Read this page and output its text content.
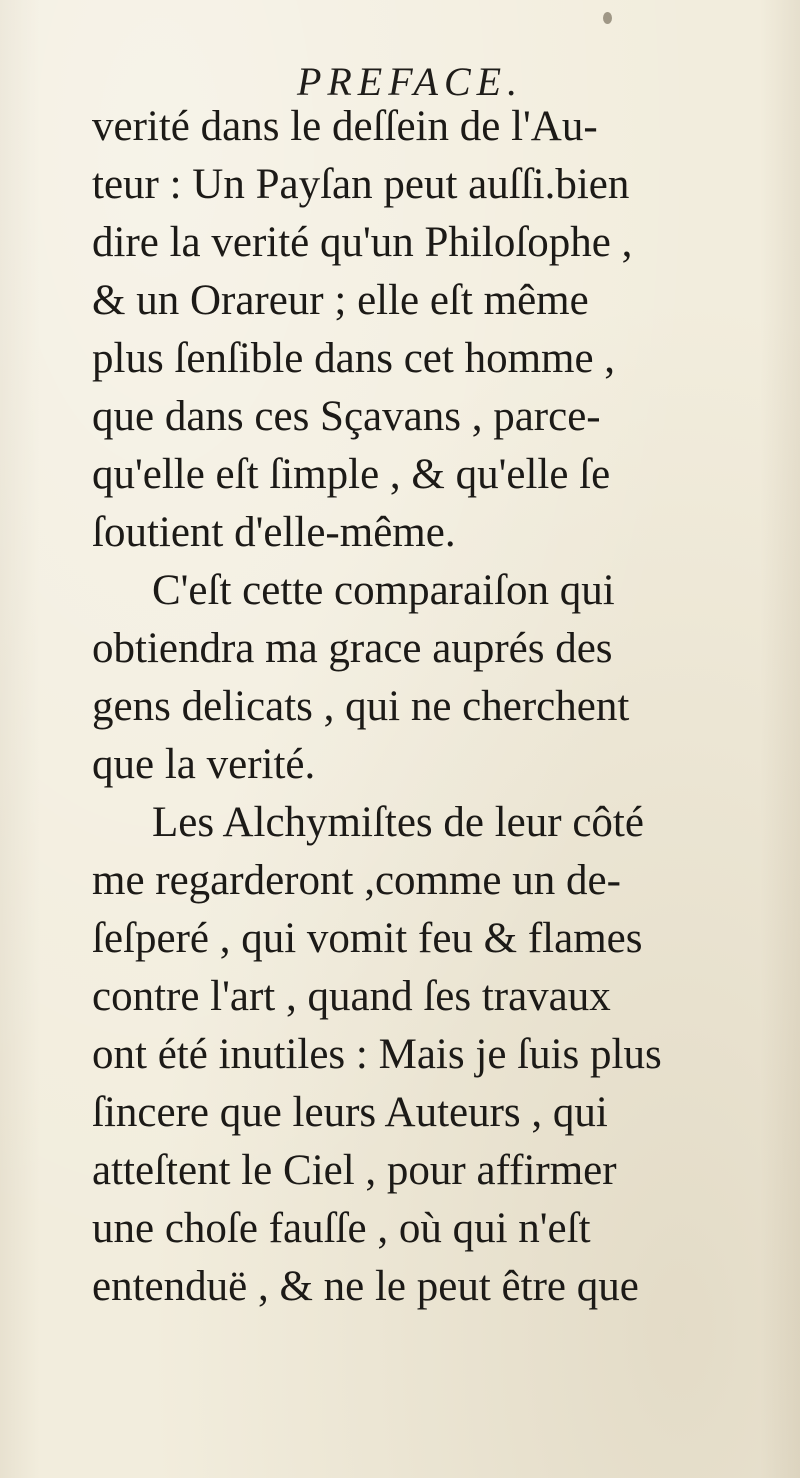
PREFACE.
verité dans le deſſein de l'Au-
teur : Un Payſan peut auſſi.bien
dire la verité qu'un Philoſophe ,
& un Orareur ; elle eſt même
plus ſenſible dans cet homme ,
que dans ces Sçavans , parce-
qu'elle eſt ſimple , & qu'elle ſe
ſoutient d'elle-même.
C'eſt cette comparaiſon qui
obtiendra ma grace auprés des
gens delicats , qui ne cherchent
que la verité.
Les Alchymiſtes de leur côté
me regarderont ,comme un de-
ſeſperé , qui vomit feu & flames
contre l'art , quand ſes travaux
ont été inutiles : Mais je ſuis plus
ſincere que leurs Auteurs , qui
atteſtent le Ciel , pour affirmer
une choſe fauſſe , où qui n'eſt
entenduë , & ne le peut être que
